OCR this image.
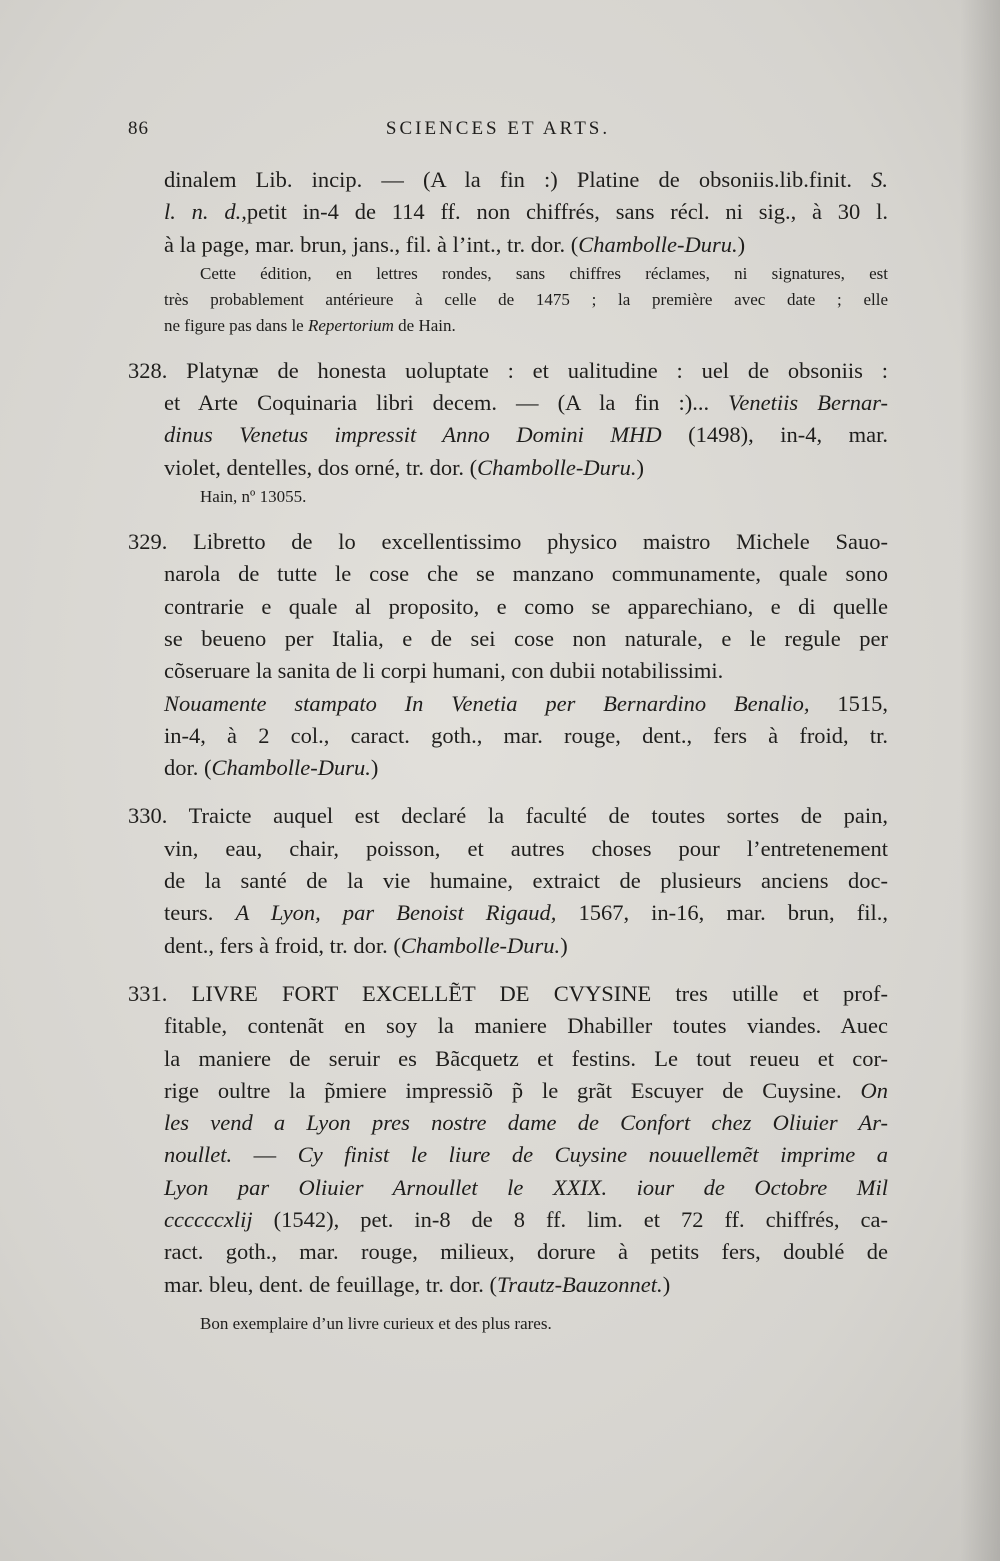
86	SCIENCES ET ARTS.
dinalem Lib. incip. — (A la fin :) Platine de obsoniis.lib.finit. S.
l. n. d.,petit in-4 de 114 ff. non chiffrés, sans récl. ni sig., à 30 l.
à la page, mar. brun, jans., fil. à l’int., tr. dor. (Chambolle-Duru.)
Cette édition, en lettres rondes, sans chiffres réclames, ni signatures, est
très probablement antérieure à celle de 1475 ; la première avec date ; elle
ne figure pas dans le Repertorium de Hain.
328. Platynæ de honesta uoluptate : et ualitudine : uel de obsoniis :
et Arte Coquinaria libri decem. — (A la fin :)... Venetiis Bernar-
dinus Venetus impressit Anno Domini MHD (1498), in-4, mar.
violet, dentelles, dos orné, tr. dor. (Chambolle-Duru.)
Hain, nº 13055.
329. Libretto de lo excellentissimo physico maistro Michele Sauo-
narola de tutte le cose che se manzano communamente, quale sono
contrarie e quale al proposito, e como se apparechiano, e di quelle
se beueno per Italia, e de sei cose non naturale, e le regule per
cõseruare la sanita de li corpi humani, con dubii notabilissimi.
Nouamente stampato In Venetia per Bernardino Benalio, 1515,
in-4, à 2 col., caract. goth., mar. rouge, dent., fers à froid, tr.
dor. (Chambolle-Duru.)
330. Traicte auquel est declaré la faculté de toutes sortes de pain,
vin, eau, chair, poisson, et autres choses pour l’entretenement
de la santé de la vie humaine, extraict de plusieurs anciens doc-
teurs. A Lyon, par Benoist Rigaud, 1567, in-16, mar. brun, fil.,
dent., fers à froid, tr. dor. (Chambolle-Duru.)
331. LIVRE FORT EXCELLẼT DE CVYSINE tres utille et prof-
fitable, contenãt en soy la maniere Dhabiller toutes viandes. Auec
la maniere de seruir es Bãcquetz et festins. Le tout reueu et cor-
rige oultre la p̃miere impressiõ p̃ le grãt Escuyer de Cuysine. On
les vend a Lyon pres nostre dame de Confort chez Oliuier Ar-
noullet. — Cy finist le liure de Cuysine nouuellemẽt imprime a
Lyon par Oliuier Arnoullet le XXIX. iour de Octobre Mil
ccccccxlij (1542), pet. in-8 de 8 ff. lim. et 72 ff. chiffrés, ca-
ract. goth., mar. rouge, milieux, dorure à petits fers, doublé de
mar. bleu, dent. de feuillage, tr. dor. (Trautz-Bauzonnet.)
Bon exemplaire d’un livre curieux et des plus rares.
